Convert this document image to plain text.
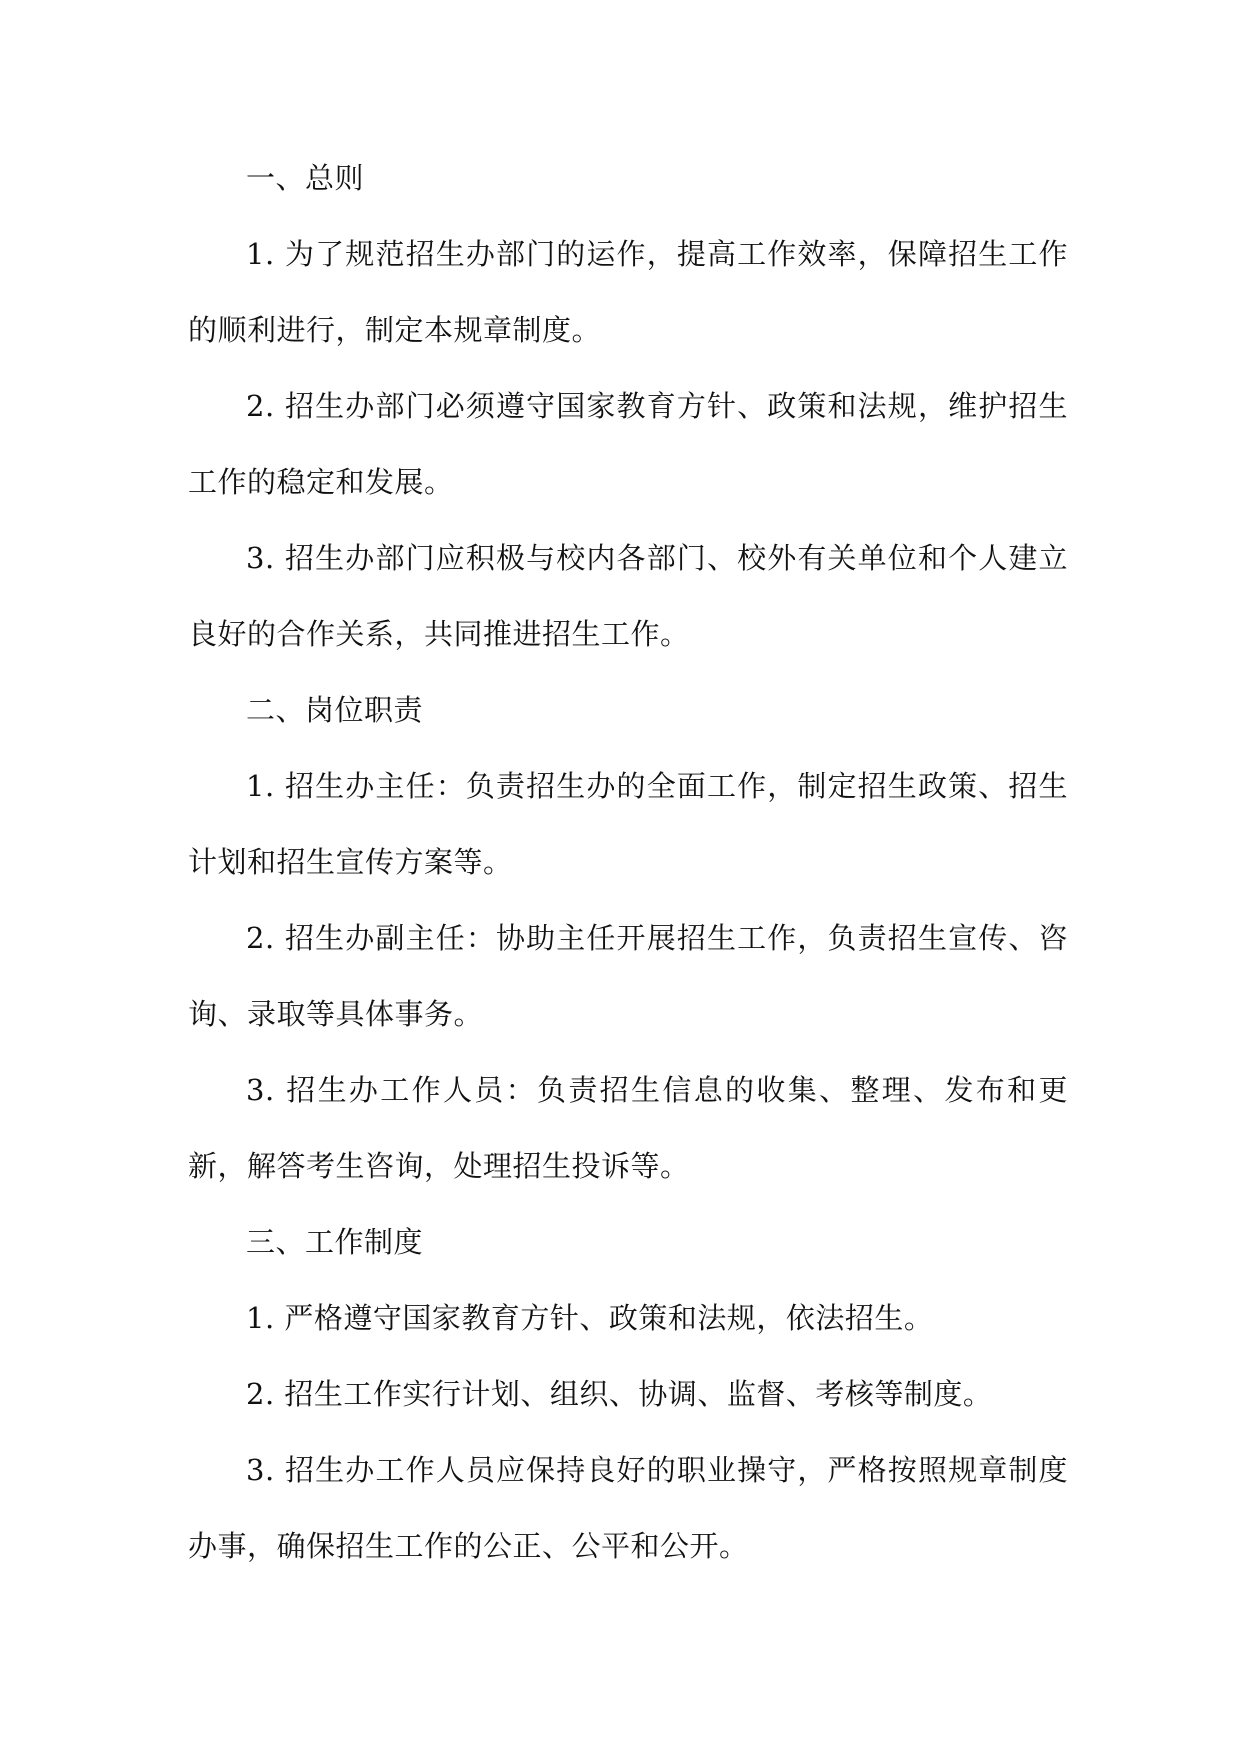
一、总则

1. 为了规范招生办部门的运作，提高工作效率，保障招生工作的顺利进行，制定本规章制度。

2. 招生办部门必须遵守国家教育方针、政策和法规，维护招生工作的稳定和发展。

3. 招生办部门应积极与校内各部门、校外有关单位和个人建立良好的合作关系，共同推进招生工作。

二、岗位职责

1. 招生办主任：负责招生办的全面工作，制定招生政策、招生计划和招生宣传方案等。

2. 招生办副主任：协助主任开展招生工作，负责招生宣传、咨询、录取等具体事务。

3. 招生办工作人员：负责招生信息的收集、整理、发布和更新，解答考生咨询，处理招生投诉等。

三、工作制度

1. 严格遵守国家教育方针、政策和法规，依法招生。

2. 招生工作实行计划、组织、协调、监督、考核等制度。

3. 招生办工作人员应保持良好的职业操守，严格按照规章制度办事，确保招生工作的公正、公平和公开。
